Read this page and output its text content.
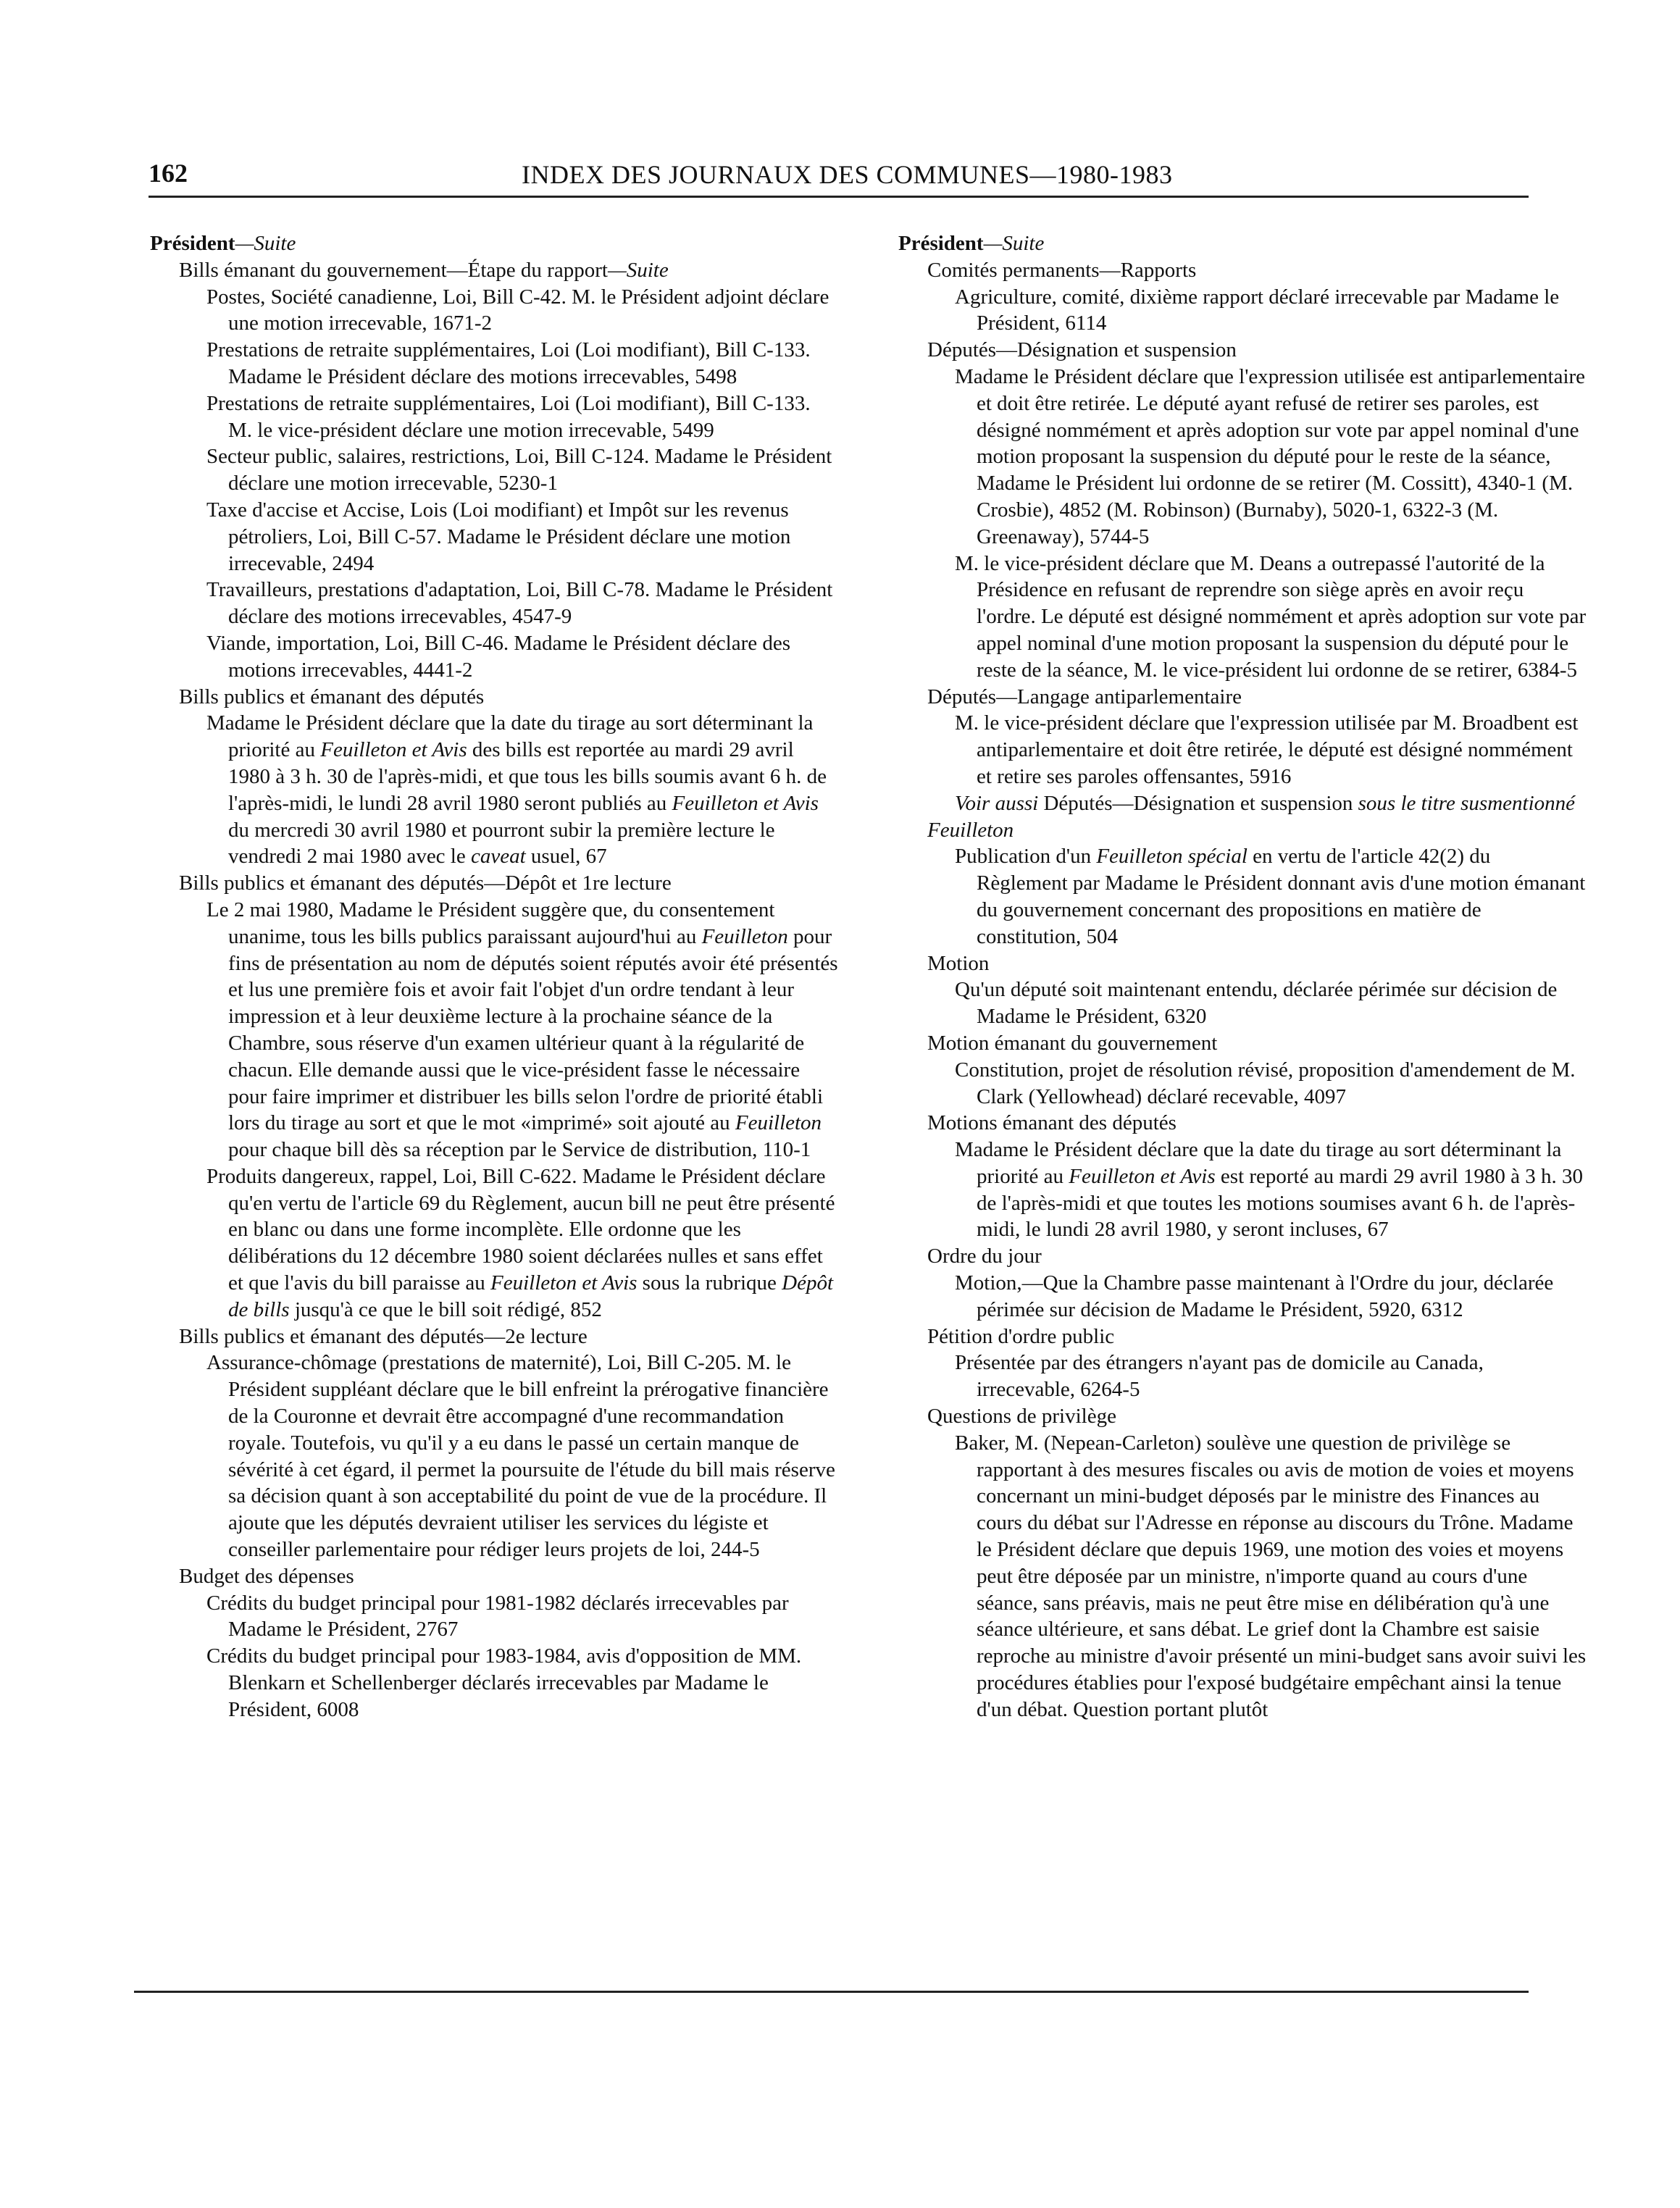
162	INDEX DES JOURNAUX DES COMMUNES—1980-1983

Président—Suite

Bills émanant du gouvernement—Étape du rapport—Suite

Postes, Société canadienne, Loi, Bill C-42. M. le Président adjoint déclare une motion irrecevable, 1671-2

Prestations de retraite supplémentaires, Loi (Loi modifiant), Bill C-133. Madame le Président déclare des motions irrecevables, 5498

Prestations de retraite supplémentaires, Loi (Loi modifiant), Bill C-133. M. le vice-président déclare une motion irrecevable, 5499

Secteur public, salaires, restrictions, Loi, Bill C-124. Madame le Président déclare une motion irrecevable, 5230-1

Taxe d'accise et Accise, Lois (Loi modifiant) et Impôt sur les revenus pétroliers, Loi, Bill C-57. Madame le Président déclare une motion irrecevable, 2494

Travailleurs, prestations d'adaptation, Loi, Bill C-78. Madame le Président déclare des motions irrecevables, 4547-9

Viande, importation, Loi, Bill C-46. Madame le Président déclare des motions irrecevables, 4441-2

Bills publics et émanant des députés

Madame le Président déclare que la date du tirage au sort déterminant la priorité au Feuilleton et Avis des bills est reportée au mardi 29 avril 1980 à 3 h. 30 de l'après-midi, et que tous les bills soumis avant 6 h. de l'après-midi, le lundi 28 avril 1980 seront publiés au Feuilleton et Avis du mercredi 30 avril 1980 et pourront subir la première lecture le vendredi 2 mai 1980 avec le caveat usuel, 67

Bills publics et émanant des députés—Dépôt et 1re lecture

Le 2 mai 1980, Madame le Président suggère que, du consentement unanime, tous les bills publics paraissant aujourd'hui au Feuilleton pour fins de présentation au nom de députés soient réputés avoir été présentés et lus une première fois et avoir fait l'objet d'un ordre tendant à leur impression et à leur deuxième lecture à la prochaine séance de la Chambre, sous réserve d'un examen ultérieur quant à la régularité de chacun. Elle demande aussi que le vice-président fasse le nécessaire pour faire imprimer et distribuer les bills selon l'ordre de priorité établi lors du tirage au sort et que le mot «imprimé» soit ajouté au Feuilleton pour chaque bill dès sa réception par le Service de distribution, 110-1

Produits dangereux, rappel, Loi, Bill C-622. Madame le Président déclare qu'en vertu de l'article 69 du Règlement, aucun bill ne peut être présenté en blanc ou dans une forme incomplète. Elle ordonne que les délibérations du 12 décembre 1980 soient déclarées nulles et sans effet et que l'avis du bill paraisse au Feuilleton et Avis sous la rubrique Dépôt de bills jusqu'à ce que le bill soit rédigé, 852

Bills publics et émanant des députés—2e lecture

Assurance-chômage (prestations de maternité), Loi, Bill C-205. M. le Président suppléant déclare que le bill enfreint la prérogative financière de la Couronne et devrait être accompagné d'une recommandation royale. Toutefois, vu qu'il y a eu dans le passé un certain manque de sévérité à cet égard, il permet la poursuite de l'étude du bill mais réserve sa décision quant à son acceptabilité du point de vue de la procédure. Il ajoute que les députés devraient utiliser les services du légiste et conseiller parlementaire pour rédiger leurs projets de loi, 244-5

Budget des dépenses

Crédits du budget principal pour 1981-1982 déclarés irrecevables par Madame le Président, 2767

Crédits du budget principal pour 1983-1984, avis d'opposition de MM. Blenkarn et Schellenberger déclarés irrecevables par Madame le Président, 6008

Président—Suite

Comités permanents—Rapports

Agriculture, comité, dixième rapport déclaré irrecevable par Madame le Président, 6114

Députés—Désignation et suspension

Madame le Président déclare que l'expression utilisée est antiparlementaire et doit être retirée. Le député ayant refusé de retirer ses paroles, est désigné nommément et après adoption sur vote par appel nominal d'une motion proposant la suspension du député pour le reste de la séance, Madame le Président lui ordonne de se retirer (M. Cossitt), 4340-1 (M. Crosbie), 4852 (M. Robinson) (Burnaby), 5020-1, 6322-3 (M. Greenaway), 5744-5

M. le vice-président déclare que M. Deans a outrepassé l'autorité de la Présidence en refusant de reprendre son siège après en avoir reçu l'ordre. Le député est désigné nommément et après adoption sur vote par appel nominal d'une motion proposant la suspension du député pour le reste de la séance, M. le vice-président lui ordonne de se retirer, 6384-5

Députés—Langage antiparlementaire

M. le vice-président déclare que l'expression utilisée par M. Broadbent est antiparlementaire et doit être retirée, le député est désigné nommément et retire ses paroles offensantes, 5916

Voir aussi Députés—Désignation et suspension sous le titre susmentionné

Feuilleton

Publication d'un Feuilleton spécial en vertu de l'article 42(2) du Règlement par Madame le Président donnant avis d'une motion émanant du gouvernement concernant des propositions en matière de constitution, 504

Motion

Qu'un député soit maintenant entendu, déclarée périmée sur décision de Madame le Président, 6320

Motion émanant du gouvernement

Constitution, projet de résolution révisé, proposition d'amendement de M. Clark (Yellowhead) déclaré recevable, 4097

Motions émanant des députés

Madame le Président déclare que la date du tirage au sort déterminant la priorité au Feuilleton et Avis est reporté au mardi 29 avril 1980 à 3 h. 30 de l'après-midi et que toutes les motions soumises avant 6 h. de l'après-midi, le lundi 28 avril 1980, y seront incluses, 67

Ordre du jour

Motion,—Que la Chambre passe maintenant à l'Ordre du jour, déclarée périmée sur décision de Madame le Président, 5920, 6312

Pétition d'ordre public

Présentée par des étrangers n'ayant pas de domicile au Canada, irrecevable, 6264-5

Questions de privilège

Baker, M. (Nepean-Carleton) soulève une question de privilège se rapportant à des mesures fiscales ou avis de motion de voies et moyens concernant un mini-budget déposés par le ministre des Finances au cours du débat sur l'Adresse en réponse au discours du Trône. Madame le Président déclare que depuis 1969, une motion des voies et moyens peut être déposée par un ministre, n'importe quand au cours d'une séance, sans préavis, mais ne peut être mise en délibération qu'à une séance ultérieure, et sans débat. Le grief dont la Chambre est saisie reproche au ministre d'avoir présenté un mini-budget sans avoir suivi les procédures établies pour l'exposé budgétaire empêchant ainsi la tenue d'un débat. Question portant plutôt
